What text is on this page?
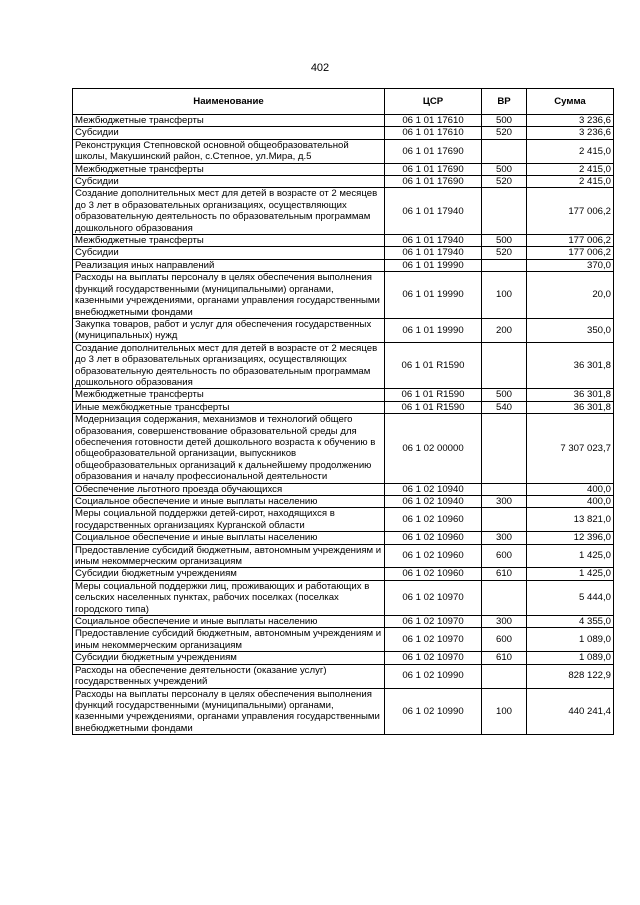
402
Наименование	ЦСР	ВР	Сумма
Межбюджетные трансферты	06 1 01 17610	500	3 236,6
Субсидии	06 1 01 17610	520	3 236,6
Реконструкция Степновской основной общеобразовательной школы, Макушинский район, с.Степное, ул.Мира, д.5	06 1 01 17690		2 415,0
Межбюджетные трансферты	06 1 01 17690	500	2 415,0
Субсидии	06 1 01 17690	520	2 415,0
Создание дополнительных мест для детей в возрасте от 2 месяцев до 3 лет в образовательных организациях, осуществляющих образовательную деятельность по образовательным программам дошкольного образования	06 1 01 17940		177 006,2
Межбюджетные трансферты	06 1 01 17940	500	177 006,2
Субсидии	06 1 01 17940	520	177 006,2
Реализация иных направлений	06 1 01 19990		370,0
Расходы на выплаты персоналу в целях обеспечения выполнения функций государственными (муниципальными) органами, казенными учреждениями, органами управления государственными внебюджетными фондами	06 1 01 19990	100	20,0
Закупка товаров, работ и услуг для обеспечения государственных (муниципальных) нужд	06 1 01 19990	200	350,0
Создание дополнительных мест для детей в возрасте от 2 месяцев до 3 лет в образовательных организациях, осуществляющих образовательную деятельность по образовательным программам дошкольного образования	06 1 01 R1590		36 301,8
Межбюджетные трансферты	06 1 01 R1590	500	36 301,8
Иные межбюджетные трансферты	06 1 01 R1590	540	36 301,8
Модернизация содержания, механизмов и технологий общего образования, совершенствование образовательной среды для обеспечения готовности детей дошкольного возраста к обучению в общеобразовательной организации, выпускников общеобразовательных организаций к дальнейшему продолжению образования и началу профессиональной деятельности	06 1 02 00000		7 307 023,7
Обеспечение льготного проезда обучающихся	06 1 02 10940		400,0
Социальное обеспечение и иные выплаты населению	06 1 02 10940	300	400,0
Меры социальной поддержки детей-сирот, находящихся в государственных организациях Курганской области	06 1 02 10960		13 821,0
Социальное обеспечение и иные выплаты населению	06 1 02 10960	300	12 396,0
Предоставление субсидий бюджетным, автономным учреждениям и иным некоммерческим организациям	06 1 02 10960	600	1 425,0
Субсидии бюджетным учреждениям	06 1 02 10960	610	1 425,0
Меры социальной поддержки лиц, проживающих и работающих в сельских населенных пунктах, рабочих поселках (поселках городского типа)	06 1 02 10970		5 444,0
Социальное обеспечение и иные выплаты населению	06 1 02 10970	300	4 355,0
Предоставление субсидий бюджетным, автономным учреждениям и иным некоммерческим организациям	06 1 02 10970	600	1 089,0
Субсидии бюджетным учреждениям	06 1 02 10970	610	1 089,0
Расходы на обеспечение деятельности (оказание услуг) государственных учреждений	06 1 02 10990		828 122,9
Расходы на выплаты персоналу в целях обеспечения выполнения функций государственными (муниципальными) органами, казенными учреждениями, органами управления государственными внебюджетными фондами	06 1 02 10990	100	440 241,4
